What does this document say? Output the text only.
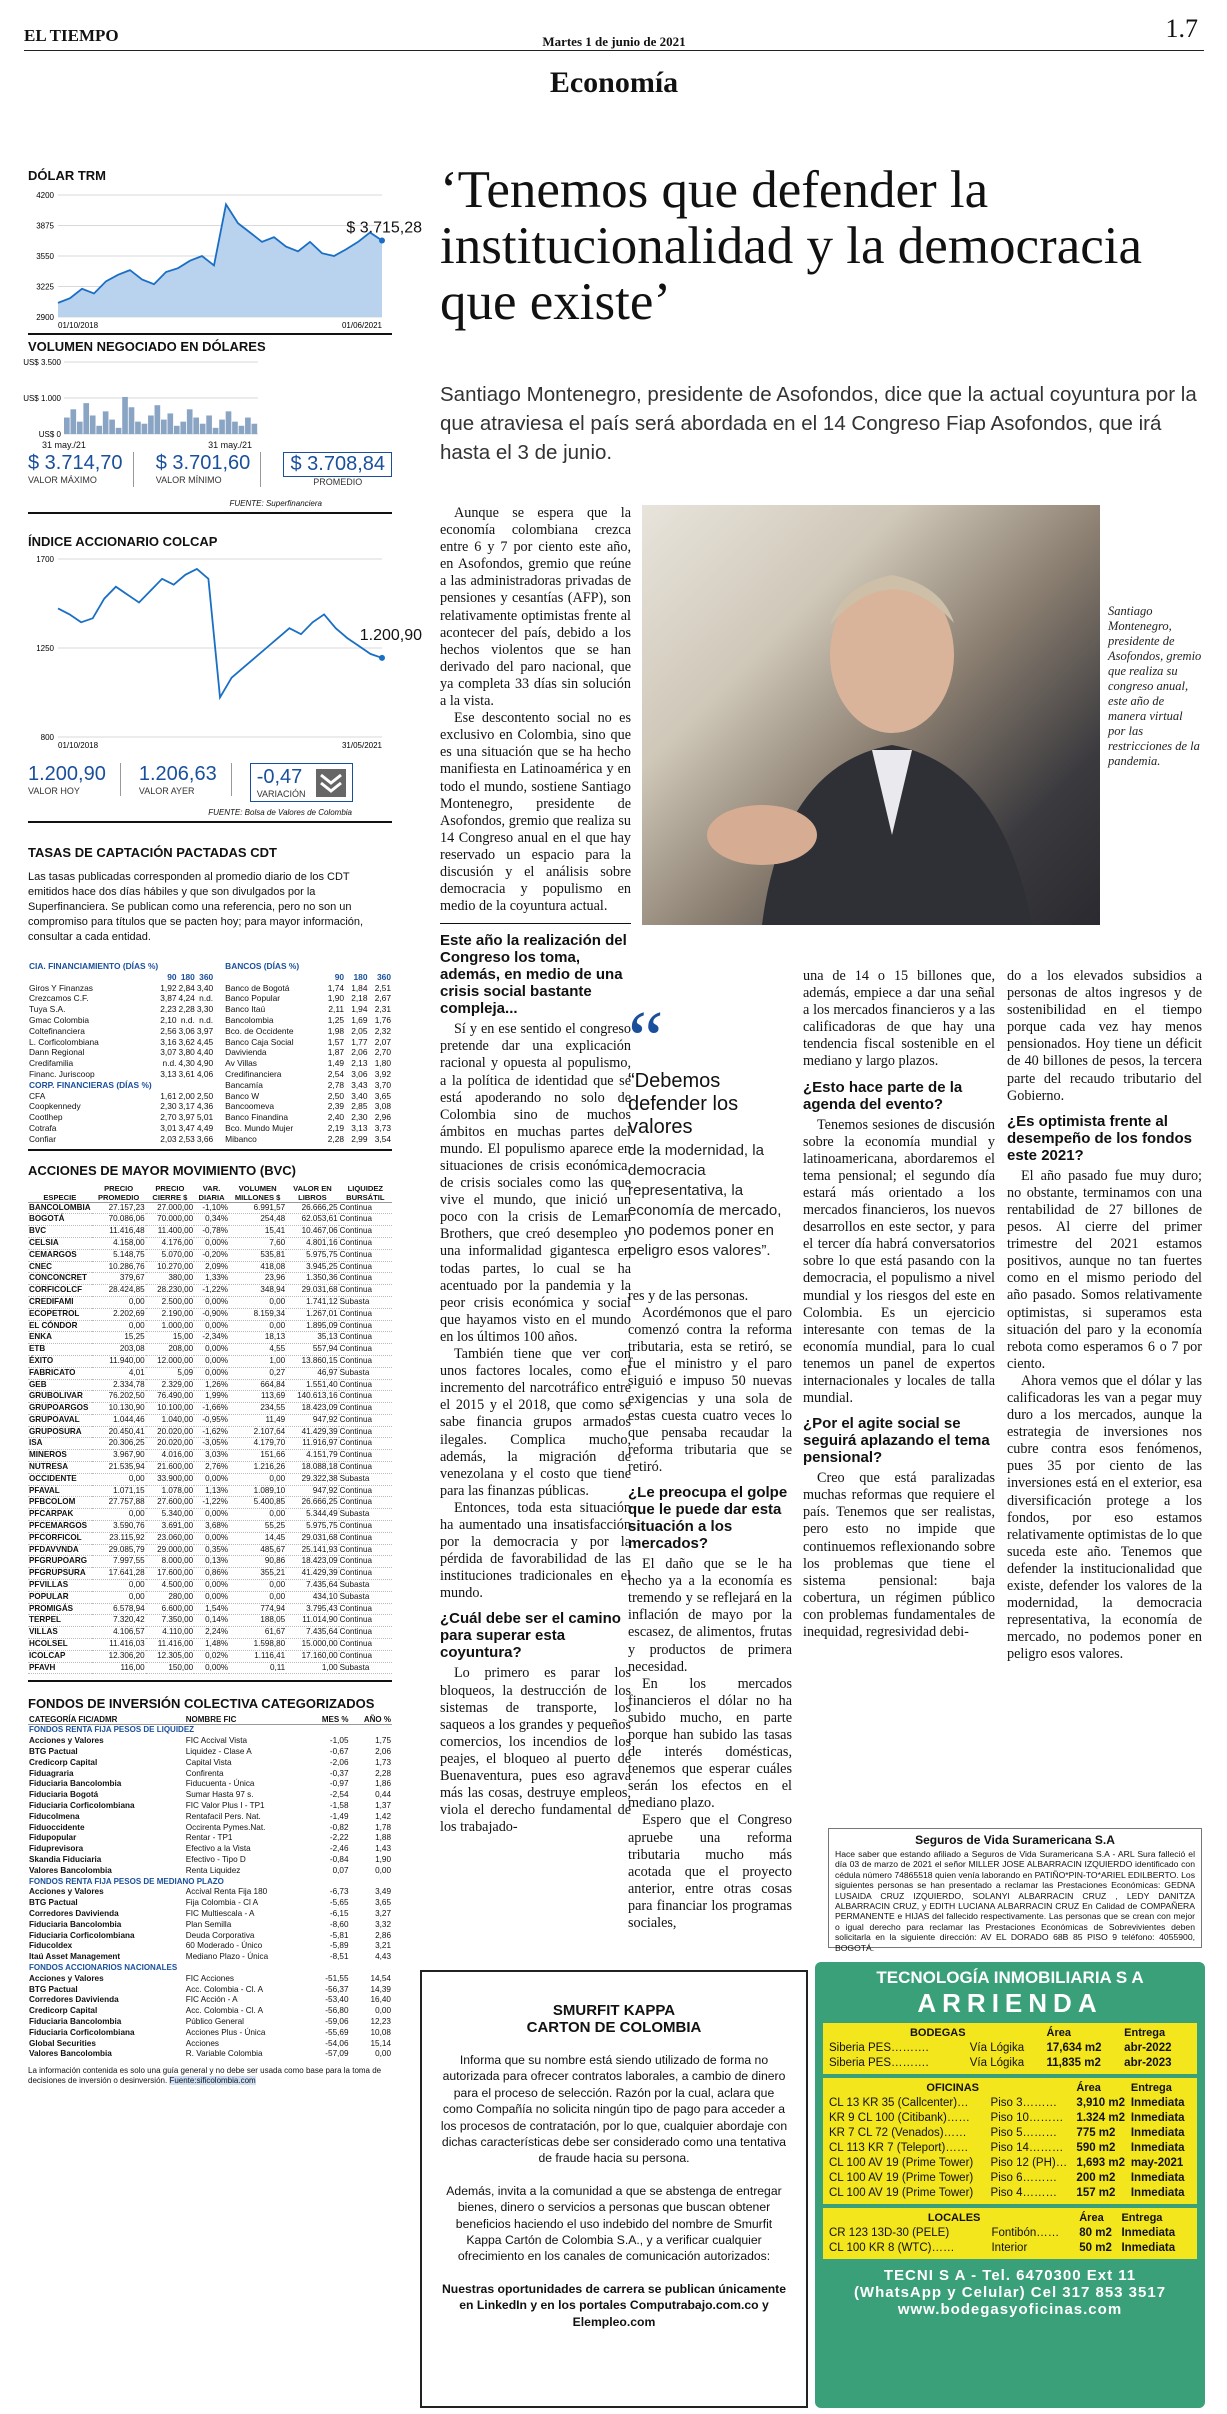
EL TIEMPO	Martes 1 de junio de 2021	1.7
Economía
DÓLAR TRM
4200
3875
3550
3225
2900
$ 3.715,28
01/10/2018	01/06/2021
VOLUMEN NEGOCIADO EN DÓLARES
US$ 3.500
US$ 1.000
US$ 0
31 may./21	31 may./21
$ 3.714,70
VALOR MÁXIMO
$ 3.701,60
VALOR MÍNIMO
$ 3.708,84
PROMEDIO
FUENTE: Superfinanciera
ÍNDICE ACCIONARIO COLCAP
1700
1250
800
1.200,90
01/10/2018	31/05/2021
1.200,90
VALOR HOY
1.206,63
VALOR AYER
-0,47
VARIACIÓN
FUENTE: Bolsa de Valores de Colombia
TASAS DE CAPTACIÓN PACTADAS CDT
Las tasas publicadas corresponden al promedio diario de los CDT emitidos hace dos días hábiles y que son divulgados por la Superfinanciera. Se publican como una referencia, pero no son un compromiso para títulos que se pacten hoy; para mayor información, consultar a cada entidad.
CIA. FINANCIAMIENTO (DÍAS %)			
	90	180	360
Giros Y Finanzas	1,92	2,84	3,40
Crezcamos C.F.	3,87	4,24	n.d.
Tuya S.A.	2,23	2,28	3,30
Gmac Colombia	2,10	n.d.	n.d.
Coltefinanciera	2,56	3,06	3,97
L. Corficolombiana	3,16	3,62	4,45
Dann Regional	3,07	3,80	4,40
Credifamilia	n.d.	4,30	4,90
Financ. Juriscoop	3,13	3,61	4,06
CORP. FINANCIERAS (DÍAS %)			
CFA	1,61	2,00	2,50
Coopkennedy	2,30	3,17	4,36
Cootlhep	2,70	3,97	5,01
Cotrafa	3,01	3,47	4,49
Confiar	2,03	2,53	3,66
BANCOS (DÍAS %)			
	90	180	360
Banco de Bogotá	1,74	1,84	2,51
Banco Popular	1,90	2,18	2,67
Banco Itaú	2,11	1,94	2,31
Bancolombia	1,25	1,69	1,76
Bco. de Occidente	1,98	2,05	2,32
Banco Caja Social	1,57	1,77	2,07
Davivienda	1,87	2,06	2,70
Av Villas	1,49	2,13	1,80
Credifinanciera	2,54	3,06	3,92
Bancamía	2,78	3,43	3,70
Banco W	2,50	3,40	3,65
Bancoomeva	2,39	2,85	3,08
Banco Finandina	2,40	2,30	2,96
Bco. Mundo Mujer	2,19	3,13	3,73
Mibanco	2,28	2,99	3,54
ACCIONES DE MAYOR MOVIMIENTO (BVC)
ESPECIE	PRECIO PROMEDIO	PRECIO CIERRE $	VAR. DIARIA	VOLUMEN MILLONES $	VALOR EN LIBROS	LIQUIDEZ BURSÁTIL
BANCOLOMBIA	27.157,23	27.000,00	-1,10%	6.991,57	26.666,25	Continua
BOGOTÁ	70.086,06	70.000,00	0,34%	254,48	62.053,61	Continua
BVC	11.416,48	11.400,00	-0,78%	15,41	10.467,06	Continua
CELSIA	4.158,00	4.176,00	0,00%	7,60	4.801,16	Continua
CEMARGOS	5.148,75	5.070,00	-0,20%	535,81	5.975,75	Continua
CNEC	10.286,76	10.270,00	2,09%	418,08	3.945,25	Continua
CONCONCRET	379,67	380,00	1,33%	23,96	1.350,36	Continua
CORFICOLCF	28.424,85	28.230,00	-1,22%	348,94	29.031,68	Continua
CREDIFAMI	0,00	2.500,00	0,00%	0,00	1.741,12	Subasta
ECOPETROL	2.202,69	2.190,00	-0,90%	8.159,34	1.267,01	Continua
EL CÓNDOR	0,00	1.000,00	0,00%	0,00	1.895,09	Continua
ENKA	15,25	15,00	-2,34%	18,13	35,13	Continua
ETB	203,08	208,00	0,00%	4,55	557,94	Continua
ÉXITO	11.940,00	12.000,00	0,00%	1,00	13.860,15	Continua
FABRICATO	4,01	5,09	0,00%	0,27	46,97	Subasta
GEB	2.334,78	2.329,00	1,26%	664,84	1.551,40	Continua
GRUBOLIVAR	76.202,50	76.490,00	1,99%	113,69	140.613,16	Continua
GRUPOARGOS	10.130,90	10.100,00	-1,66%	234,55	18.423,09	Continua
GRUPOAVAL	1.044,46	1.040,00	-0,95%	11,49	947,92	Continua
GRUPOSURA	20.450,41	20.020,00	-1,62%	2.107,64	41.429,39	Continua
ISA	20.306,25	20.020,00	-3,05%	4.179,70	11.916,97	Continua
MINEROS	3.967,90	4.016,00	3,03%	151,66	4.151,79	Continua
NUTRESA	21.535,94	21.600,00	2,76%	1.216,26	18.088,18	Continua
OCCIDENTE	0,00	33.900,00	0,00%	0,00	29.322,38	Subasta
PFAVAL	1.071,15	1.078,00	1,13%	1.089,10	947,92	Continua
PFBCOLOM	27.757,88	27.600,00	-1,22%	5.400,85	26.666,25	Continua
PFCARPAK	0,00	5.340,00	0,00%	0,00	5.344,49	Subasta
PFCEMARGOS	3.590,76	3.691,00	3,68%	55,25	5.975,75	Continua
PFCORFICOL	23.115,92	23.060,00	0,00%	14,45	29.031,68	Continua
PFDAVVNDA	29.085,79	29.000,00	0,35%	485,67	25.141,93	Continua
PFGRUPOARG	7.997,55	8.000,00	0,13%	90,86	18.423,09	Continua
PFGRUPSURA	17.641,28	17.600,00	0,86%	355,21	41.429,39	Continua
PFVILLAS	0,00	4.500,00	0,00%	0,00	7.435,64	Subasta
POPULAR	0,00	280,00	0,00%	0,00	434,10	Subasta
PROMIGÁS	6.578,94	6.600,00	1,54%	774,94	3.795,43	Continua
TERPEL	7.320,42	7.350,00	0,14%	188,05	11.014,90	Continua
VILLAS	4.106,57	4.110,00	2,24%	61,67	7.435,64	Continua
HCOLSEL	11.416,03	11.416,00	1,48%	1.598,80	15.000,00	Continua
ICOLCAP	12.306,20	12.305,00	0,02%	1.116,41	17.160,00	Continua
PFAVH	116,00	150,00	0,00%	0,11	1,00	Subasta
FONDOS DE INVERSIÓN COLECTIVA CATEGORIZADOS
CATEGORÍA FIC/ADMR	NOMBRE FIC	MES %	AÑO %
FONDOS RENTA FIJA PESOS DE LIQUIDEZ			
Acciones y Valores	FIC Accival Vista	-1,05	1,75
BTG Pactual	Liquidez - Clase A	-0,67	2,06
Credicorp Capital	Capital Vista	-2,06	1,73
Fiduagraria	Confirenta	-0,37	2,28
Fiduciaria Bancolombia	Fiducuenta - Única	-0,97	1,86
Fiduciaria Bogotá	Sumar Hasta 97 s.	-2,54	0,44
Fiduciaria Corficolombiana	FIC Valor Plus I - TP1	-1,58	1,37
Fiducolmena	Rentafacil Pers. Nat.	-1,49	1,42
Fiduoccidente	Occirenta Pymes.Nat.	-0,82	1,78
Fidupopular	Rentar - TP1	-2,22	1,88
Fiduprevisora	Efectivo a la Vista	-2,46	1,43
Skandia Fiduciaria	Efectivo - Tipo D	-0,84	1,90
Valores Bancolombia	Renta Liquidez	0,07	0,00
FONDOS RENTA FIJA PESOS DE MEDIANO PLAZO			
Acciones y Valores	Accival Renta Fija 180	-6,73	3,49
BTG Pactual	Fija Colombia - Cl A	-5,65	3,65
Corredores Davivienda	FIC Multiescala - A	-6,15	3,27
Fiduciaria Bancolombia	Plan Semilla	-8,60	3,32
Fiduciaria Corficolombiana	Deuda Corporativa	-5,81	2,86
Fiducoldex	60 Moderado - Único	-5,89	3,21
Itaú Asset Management	Mediano Plazo - Única	-8,51	4,43
FONDOS ACCIONARIOS NACIONALES			
Acciones y Valores	FIC Acciones	-51,55	14,54
BTG Pactual	Acc. Colombia - Cl. A	-56,37	14,39
Corredores Davivienda	FIC Acción - A	-53,40	16,40
Credicorp Capital	Acc. Colombia - Cl. A	-56,80	0,00
Fiduciaria Bancolombia	Público General	-59,06	12,23
Fiduciaria Corficolombiana	Acciones Plus - Única	-55,69	10,08
Global Securities	Acciones	-54,06	15,14
Valores Bancolombia	R. Variable Colombia	-57,09	0,00
La información contenida es solo una guía general y no debe ser usada como base para la toma de decisiones de inversión o desinversión. Fuente:sificolombia.com
‘Tenemos que defender la institucionalidad y la democracia que existe’
Santiago Montenegro, presidente de Asofondos, dice que la actual coyuntura por la que atraviesa el país será abordada en el 14 Congreso Fiap Asofondos, que irá hasta el 3 de junio.

Aunque se espera que la economía colombiana crezca entre 6 y 7 por ciento este año, en Asofondos, gremio que reúne a las administradoras privadas de pensiones y cesantías (AFP), son relativamente optimistas frente al acontecer del país, debido a los hechos violentos que se han derivado del paro nacional, que ya completa 33 días sin solución a la vista.

Ese descontento social no es exclusivo en Colombia, sino que es una situación que se ha hecho manifiesta en Latinoamérica y en todo el mundo, sostiene Santiago Montenegro, presidente de Asofondos, gremio que realiza su 14 Congreso anual en el que hay reservado un espacio para la discusión y el análisis sobre democracia y populismo en medio de la coyuntura actual.

Este año la realización del Congreso los toma, además, en medio de una crisis social bastante compleja...

Sí y en ese sentido el congreso pretende dar una explicación racional y opuesta al populismo, a la política de identidad que se está apoderando no solo de Colombia sino de muchos ámbitos en muchas partes del mundo. El populismo aparece en situaciones de crisis económica, de crisis sociales como las que vive el mundo, que inició un poco con la crisis de Leman Brothers, que creó desempleo y una informalidad gigantesca en todas partes, lo cual se ha acentuado por la pandemia y la peor crisis económica y social que hayamos visto en el mundo en los últimos 100 años.

También tiene que ver con unos factores locales, como el incremento del narcotráfico entre el 2015 y el 2018, que como se sabe financia grupos armados ilegales. Complica mucho, además, la migración de venezolana y el costo que tiene para las finanzas públicas.

Entonces, toda esta situación ha aumentado una insatisfacción por la democracia y por la pérdida de favorabilidad de las instituciones tradicionales en el mundo.

¿Cuál debe ser el camino para superar esta coyuntura?

Lo primero es parar los bloqueos, la destrucción de los sistemas de transporte, los saqueos a los grandes y pequeños comercios, los incendios de los peajes, el bloqueo al puerto de Buenaventura, pues eso agrava más las cosas, destruye empleos, viola el derecho fundamental de los trabajado-

Santiago Montenegro, presidente de Asofondos, gremio que realiza su congreso anual, este año de manera virtual por las restricciones de la pandemia.
“
“Debemos defender los valores
de la modernidad, la democracia representativa, la economía de mercado, no podemos poner en peligro esos valores”.

res y de las personas.

Acordémonos que el paro comenzó contra la reforma tributaria, esta se retiró, se fue el ministro y el paro siguió e impuso 50 nuevas exigencias y una sola de estas cuesta cuatro veces lo que pensaba recaudar la reforma tributaria que se retiró.

¿Le preocupa el golpe que le puede dar esta situación a los mercados?

El daño que se le ha hecho ya a la economía es tremendo y se reflejará en la inflación de mayo por la escasez, de alimentos, frutas y productos de primera necesidad.

En los mercados financieros el dólar no ha subido mucho, en parte porque han subido las tasas de interés domésticas, tenemos que esperar cuáles serán los efectos en el mediano plazo.

Espero que el Congreso apruebe una reforma tributaria mucho más acotada que el proyecto anterior, entre otras cosas para financiar los programas sociales,

una de 14 o 15 billones que, además, empiece a dar una señal a los mercados financieros y a las calificadoras de que hay una tendencia fiscal sostenible en el mediano y largo plazos.

¿Esto hace parte de la agenda del evento?

Tenemos sesiones de discusión sobre la economía mundial y latinoamericana, abordaremos el tema pensional; el segundo día estará más orientado a los mercados financieros, los nuevos desarrollos en este sector, y para el tercer día habrá conversatorios sobre lo que está pasando con la democracia, el populismo a nivel mundial y los riesgos del este en Colombia. Es un ejercicio interesante con temas de la economía mundial, para lo cual tenemos un panel de expertos internacionales y locales de talla mundial.

¿Por el agite social se seguirá aplazando el tema pensional?

Creo que está paralizadas muchas reformas que requiere el país. Tenemos que ser realistas, pero esto no impide que continuemos reflexionando sobre los problemas que tiene el sistema pensional: baja cobertura, un régimen público con problemas fundamentales de inequidad, regresividad debi-

do a los elevados subsidios a personas de altos ingresos y de sostenibilidad en el tiempo porque cada vez hay menos pensionados. Hoy tiene un déficit de 40 billones de pesos, la tercera parte del recaudo tributario del Gobierno.

¿Es optimista frente al desempeño de los fondos este 2021?

El año pasado fue muy duro; no obstante, terminamos con una rentabilidad de 27 billones de pesos. Al cierre del primer trimestre del 2021 estamos positivos, aunque no tan fuertes como en el mismo periodo del año pasado. Somos relativamente optimistas, si superamos esta situación del paro y la economía rebota como esperamos 6 o 7 por ciento.

Ahora vemos que el dólar y las calificadoras les van a pegar muy duro a los mercados, aunque la estrategia de inversiones nos cubre contra esos fenómenos, pues 35 por ciento de las inversiones está en el exterior, esa diversificación protege a los fondos, por eso estamos relativamente optimistas de lo que suceda este año. Tenemos que defender la institucionalidad que existe, defender los valores de la modernidad, la democracia representativa, la economía de mercado, no podemos poner en peligro esos valores.

Seguros de Vida Suramericana S.A
Hace saber que estando afiliado a Seguros de Vida Suramericana S.A - ARL Sura falleció el día 03 de marzo de 2021 el señor MILLER JOSE ALBARRACIN IZQUIERDO identificado con cédula número 74865518 quien venía laborando en PATIÑO*PIN-TO*ARIEL EDILBERTO. Los siguientes personas se han presentado a reclamar las Prestaciones Económicas: GEDNA LUSAIDA CRUZ IZQUIERDO, SOLANYI ALBARRACIN CRUZ , LEDY DANITZA ALBARRACIN CRUZ, y EDITH LUCIANA ALBARRACIN CRUZ En Calidad de COMPAÑERA PERMANENTE e HIJAS del fallecido respectivamente. Las personas que se crean con mejor o igual derecho para reclamar las Prestaciones Económicas de Sobrevivientes deben solicitarla en la siguiente dirección: AV EL DORADO 68B 85 PISO 9 teléfono: 4055900, BOGOTÁ.
SMURFIT KAPPA
CARTON DE COLOMBIA
Informa que su nombre está siendo utilizado de forma no autorizada para ofrecer contratos laborales, a cambio de dinero para el proceso de selección. Razón por la cual, aclara que como Compañía no solicita ningún tipo de pago para acceder a los procesos de contratación, por lo que, cualquier abordaje con dichas características debe ser considerado como una tentativa de fraude hacia su persona.
Además, invita a la comunidad a que se abstenga de entregar bienes, dinero o servicios a personas que buscan obtener beneficios haciendo el uso indebido del nombre de Smurfit Kappa Cartón de Colombia S.A., y a verificar cualquier ofrecimiento en los canales de comunicación autorizados:
Nuestras oportunidades de carrera se publican únicamente en LinkedIn y en los portales Computrabajo.com.co y Elempleo.com
TECNOLOGÍA INMOBILIARIA S A
ARRIENDA
BODEGAS		Área	Entrega
Siberia PES……….	Vía Lógika	17,634 m2	abr-2022
Siberia PES……….	Vía Lógika	11,835 m2	abr-2023
OFICINAS		Área	Entrega
CL 13 KR 35 (Callcenter)…	Piso 3………	3,910 m2	Inmediata
KR 9 CL 100 (Citibank)……	Piso 10………	1.324 m2	Inmediata
KR 7 CL 72 (Venados)……	Piso 5………	775 m2	Inmediata
CL 113 KR 7 (Teleport)……	Piso 14………	590 m2	Inmediata
CL 100 AV 19 (Prime Tower)	Piso 12 (PH)…	1,693 m2	may-2021
CL 100 AV 19 (Prime Tower)	Piso 6………	200 m2	Inmediata
CL 100 AV 19 (Prime Tower)	Piso 4………	157 m2	Inmediata
LOCALES		Área	Entrega
CR 123 13D-30 (PELE)	Fontibón……	80 m2	Inmediata
CL 100 KR 8 (WTC)……	Interior	50 m2	Inmediata
TECNI S A - Tel. 6470300 Ext 11
(WhatsApp y Celular) Cel 317 853 3517
www.bodegasyoficinas.com
